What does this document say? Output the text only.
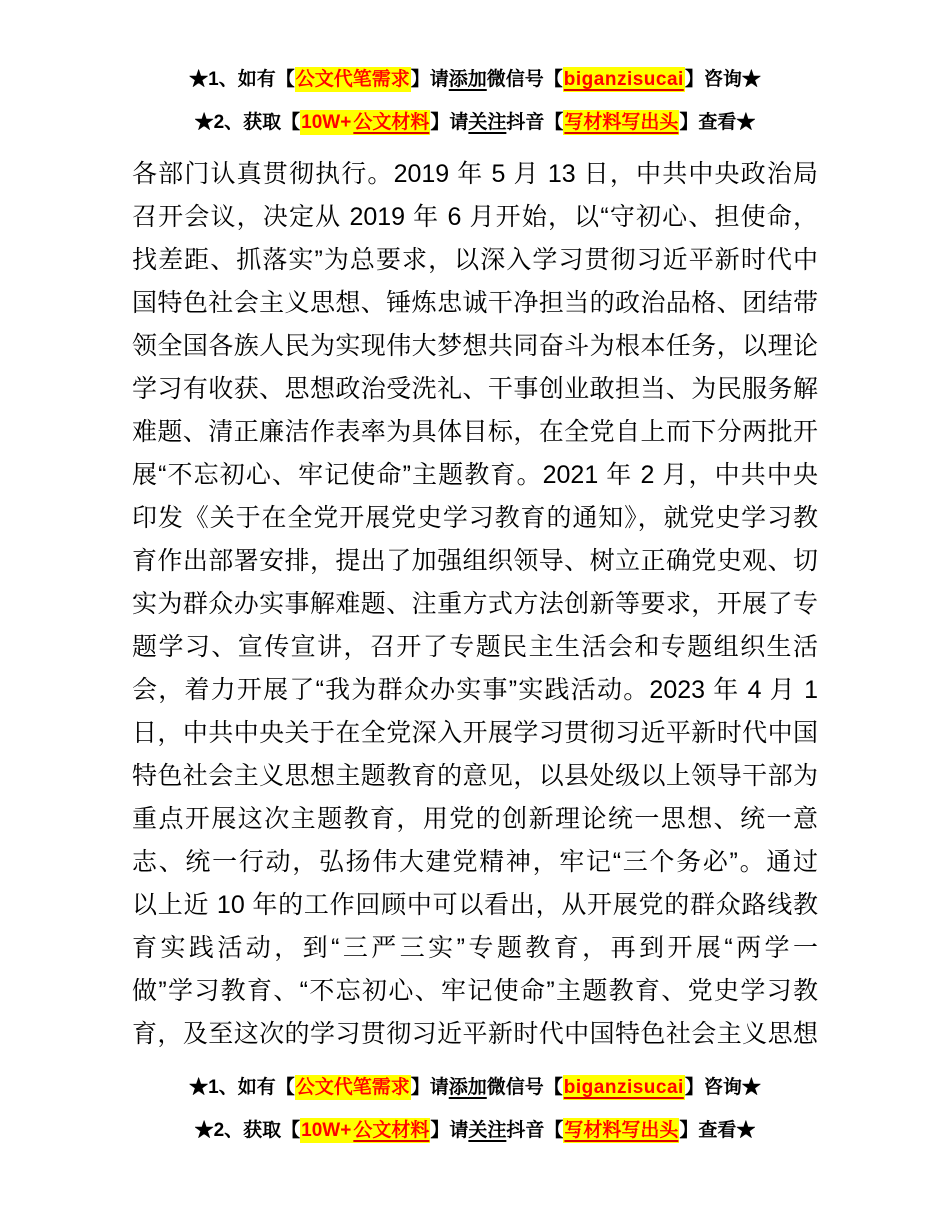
★1、如有【公文代笔需求】请添加微信号【biganzisucai】咨询★
★2、获取【10W+ 公文材料】请关注抖音【写材料写出头】查看★
各部门认真贯彻执行。2019 年 5 月 13 日，中共中央政治局
召开会议，决定从 2019 年 6 月开始，以“守初心、担使命，
找差距、抓落实”为总要求，以深入学习贯彻习近平新时代中
国特色社会主义思想、锤炼忠诚干净担当的政治品格、团结带
领全国各族人民为实现伟大梦想共同奋斗为根本任务，以理论
学习有收获、思想政治受洗礼、干事创业敢担当、为民服务解
难题、清正廉洁作表率为具体目标，在全党自上而下分两批开
展“不忘初心、牢记使命”主题教育。2021 年 2 月，中共中央
印发《关于在全党开展党史学习教育的通知》，就党史学习教
育作出部署安排，提出了加强组织领导、树立正确党史观、切
实为群众办实事解难题、注重方式方法创新等要求，开展了专
题学习、宣传宣讲，召开了专题民主生活会和专题组织生活
会，着力开展了“我为群众办实事”实践活动。2023 年 4 月 1
日，中共中央关于在全党深入开展学习贯彻习近平新时代中国
特色社会主义思想主题教育的意见，以县处级以上领导干部为
重点开展这次主题教育，用党的创新理论统一思想、统一意
志、统一行动，弘扬伟大建党精神，牢记“三个务必”。通过
以上近 10 年的工作回顾中可以看出，从开展党的群众路线教
育实践活动，到“三严三实”专题教育，再到开展“两学一
做”学习教育、“不忘初心、牢记使命”主题教育、党史学习教
育，及至这次的学习贯彻习近平新时代中国特色社会主义思想
★1、如有【公文代笔需求】请添加微信号【biganzisucai】咨询★
★2、获取【10W+ 公文材料】请关注抖音【写材料写出头】查看★
